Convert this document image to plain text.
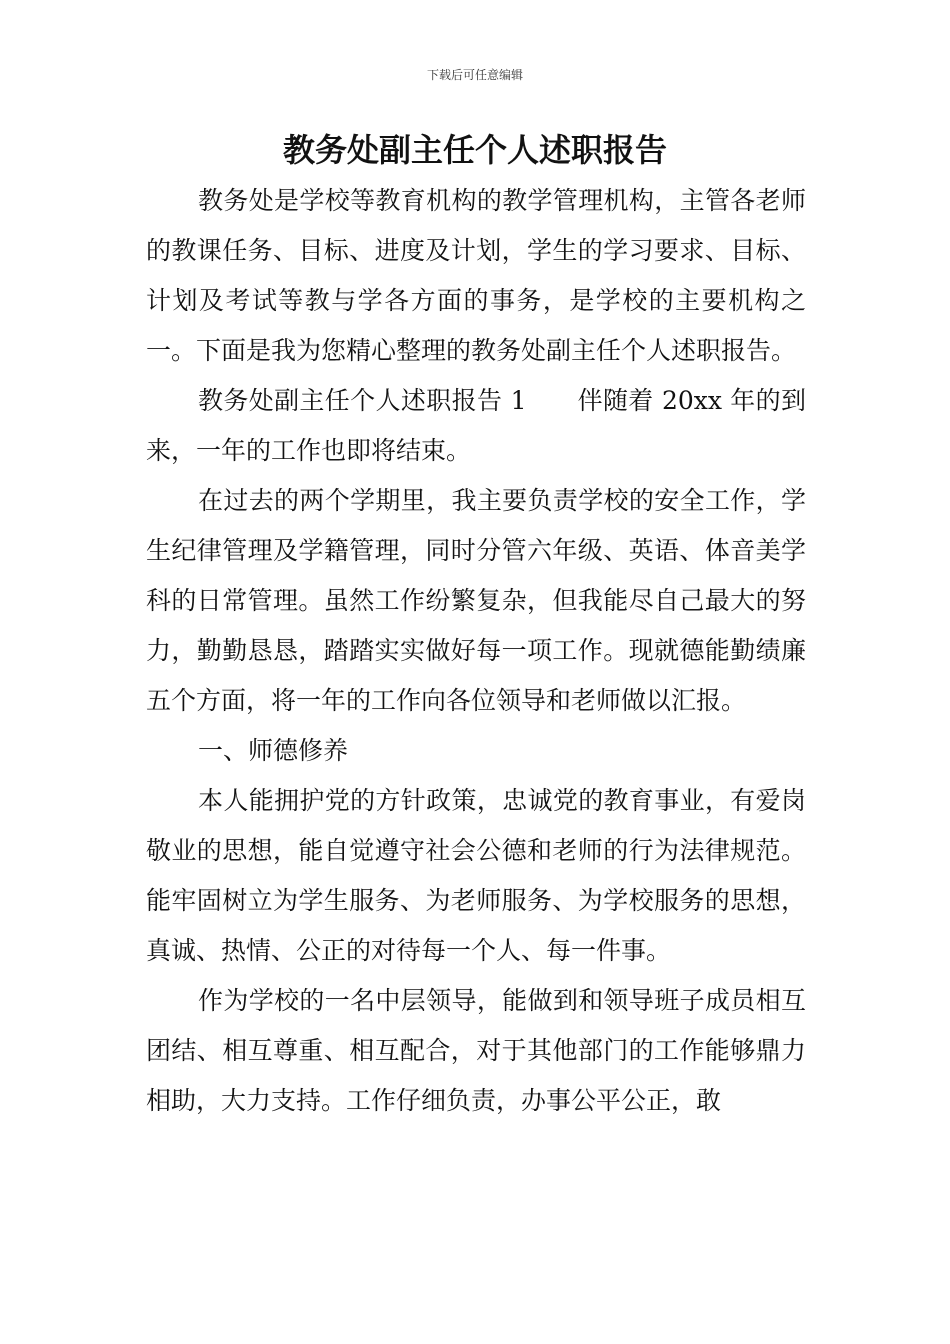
下载后可任意编辑
教务处副主任个人述职报告

教务处是学校等教育机构的教学管理机构，主管各老师的教课任务、目标、进度及计划，学生的学习要求、目标、计划及考试等教与学各方面的事务，是学校的主要机构之一。下面是我为您精心整理的教务处副主任个人述职报告。

教务处副主任个人述职报告 1　　伴随着 20xx 年的到来，一年的工作也即将结束。

在过去的两个学期里，我主要负责学校的安全工作，学生纪律管理及学籍管理，同时分管六年级、英语、体音美学科的日常管理。虽然工作纷繁复杂，但我能尽自己最大的努力，勤勤恳恳，踏踏实实做好每一项工作。现就德能勤绩廉五个方面，将一年的工作向各位领导和老师做以汇报。

一、师德修养

本人能拥护党的方针政策，忠诚党的教育事业，有爱岗敬业的思想，能自觉遵守社会公德和老师的行为法律规范。能牢固树立为学生服务、为老师服务、为学校服务的思想，真诚、热情、公正的对待每一个人、每一件事。

作为学校的一名中层领导，能做到和领导班子成员相互团结、相互尊重、相互配合，对于其他部门的工作能够鼎力相助，大力支持。工作仔细负责，办事公平公正，敢
